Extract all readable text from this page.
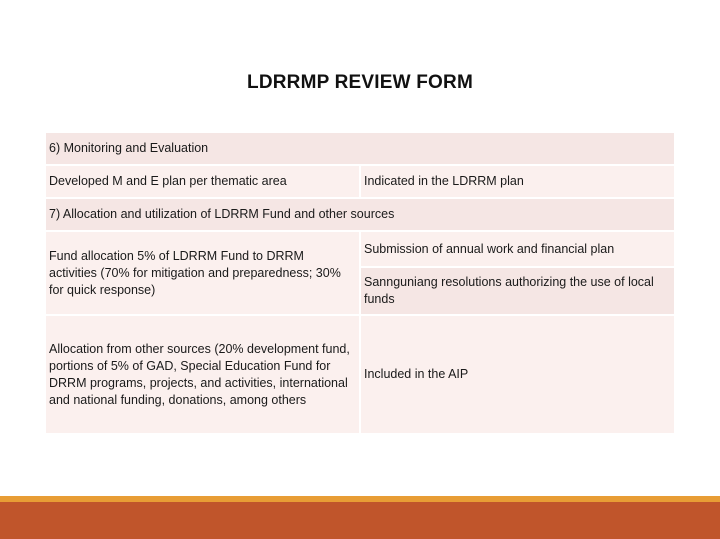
LDRRMP REVIEW FORM
6) Monitoring and Evaluation	
Developed M and E plan per thematic area	Indicated in the LDRRM plan
7) Allocation and utilization of LDRRM Fund and other sources	
Fund allocation 5% of LDRRM Fund to DRRM activities (70% for mitigation and preparedness; 30% for quick response)	Submission of annual work and financial plan
	Sannguniang resolutions authorizing the use of local funds
Allocation from other sources (20% development fund, portions of 5% of GAD, Special Education Fund for DRRM programs, projects, and activities, international and national funding, donations, among others	Included in the AIP
